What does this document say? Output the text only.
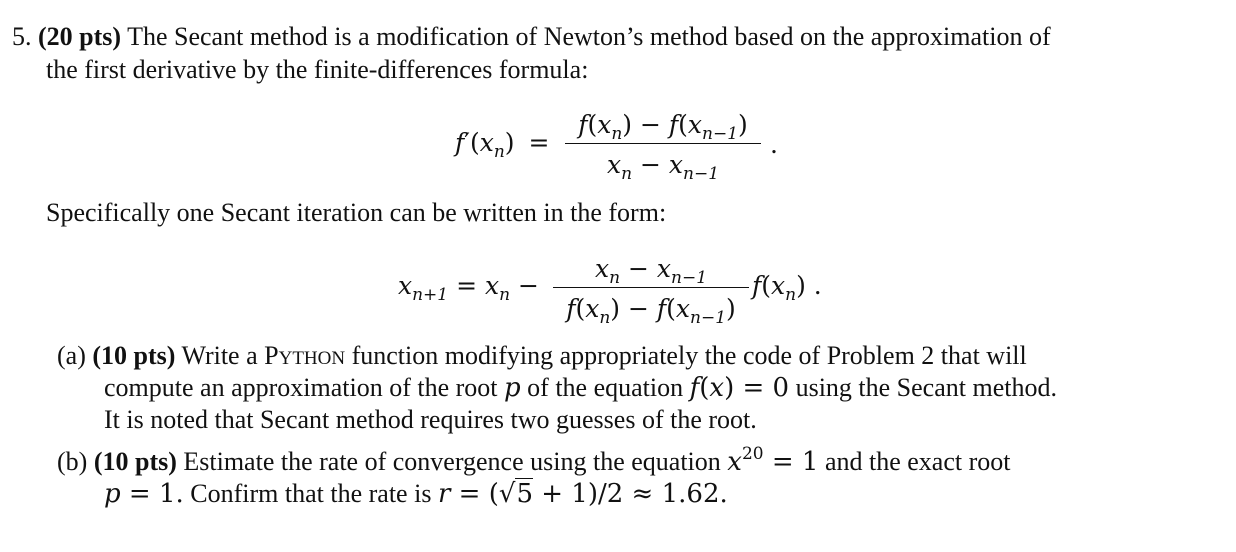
5. (20 pts) The Secant method is a modification of Newton’s method based on the approximation of
the first derivative by the finite-differences formula:
$f'(x_n)$ =
$f(x_n) - f(x_{n-1})$
$x_n - x_{n-1}$
.
Specifically one Secant iteration can be written in the form:
$x_{n+1} = x_n$ −
$x_n - x_{n-1}$
$f(x_n) - f(x_{n-1})$
$f(x_n)$ .
(a) (10 pts) Write a PYTHON function modifying appropriately the code of Problem 2 that will
compute an approximation of the root p of the equation f(x) = 0 using the Secant method.
It is noted that Secant method requires two guesses of the root.
(b) (10 pts) Estimate the rate of convergence using the equation $x^{20} = 1$ and the exact root
p = 1. Confirm that the rate is r = (√5 + 1)/2 ≈ 1.62.
